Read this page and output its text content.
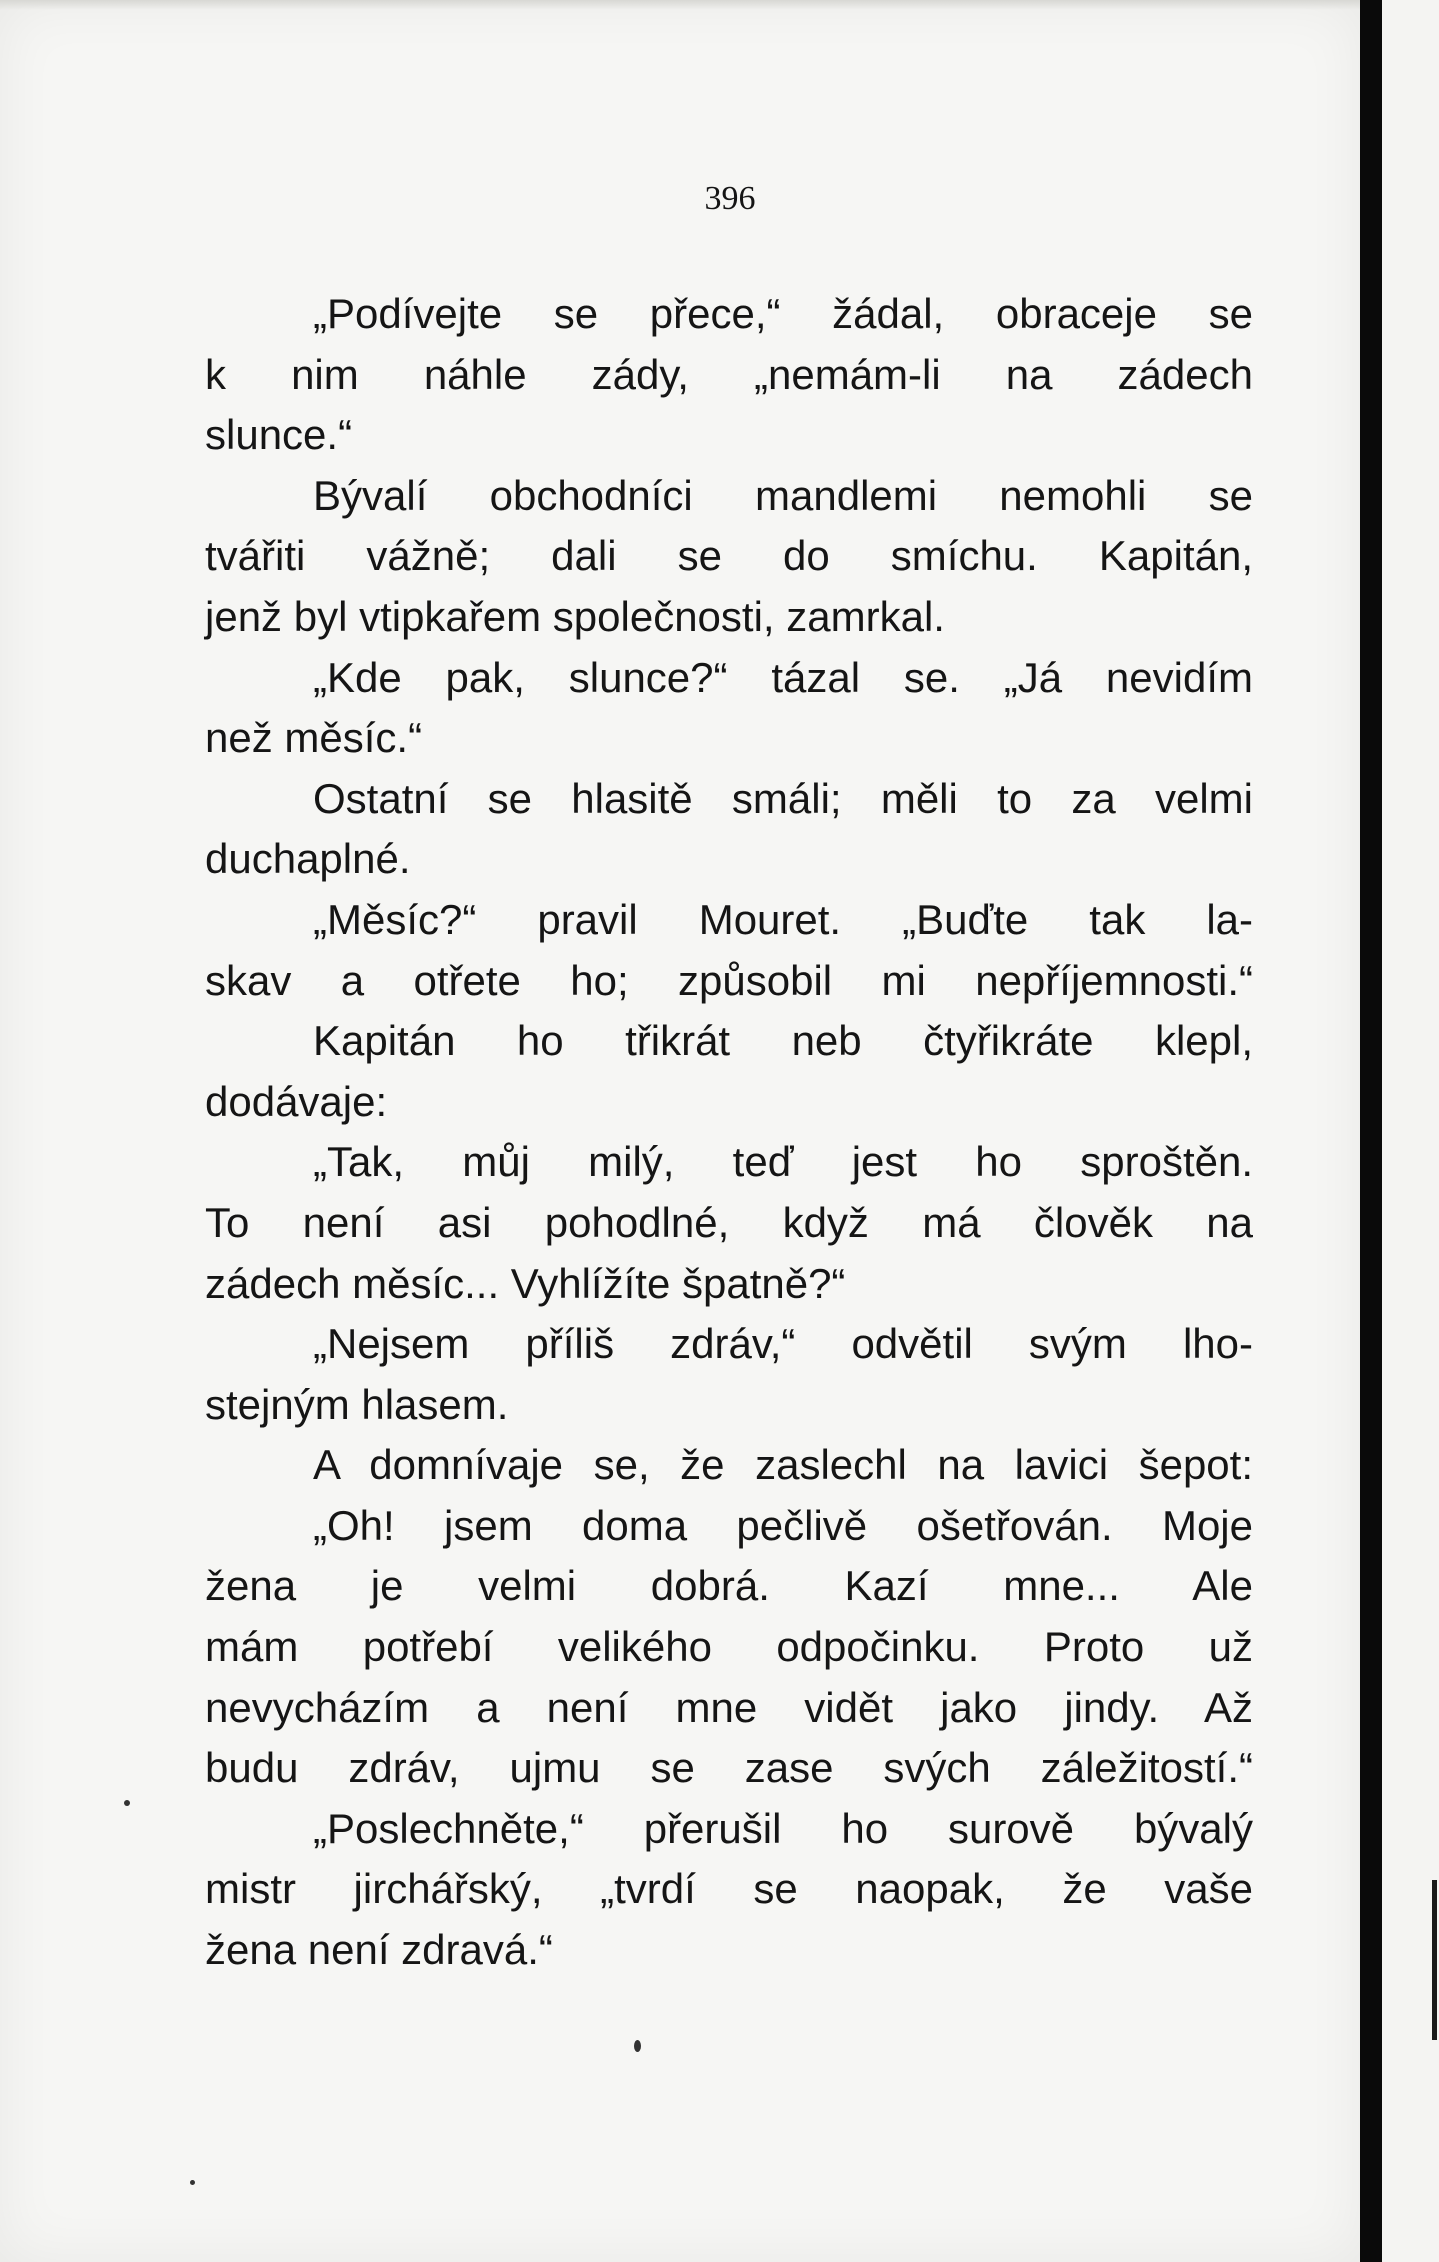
396
„Podívejte se přece,“ žádal, obraceje se
k nim náhle zády, „nemám-li na zádech
slunce.“
Bývalí obchodníci mandlemi nemohli se
tvářiti vážně; dali se do smíchu. Kapitán,
jenž byl vtipkařem společnosti, zamrkal.
„Kde pak, slunce?“ tázal se. „Já nevidím
než měsíc.“
Ostatní se hlasitě smáli; měli to za velmi
duchaplné.
„Měsíc?“ pravil Mouret. „Buďte tak la-
skav a otřete ho; způsobil mi nepříjemnosti.“
Kapitán ho třikrát neb čtyřikráte klepl,
dodávaje:
„Tak, můj milý, teď jest ho sproštěn.
To není asi pohodlné, když má člověk na
zádech měsíc... Vyhlížíte špatně?“
„Nejsem příliš zdráv,“ odvětil svým lho-
stejným hlasem.
A domnívaje se, že zaslechl na lavici šepot:
„Oh! jsem doma pečlivě ošetřován. Moje
žena je velmi dobrá. Kazí mne... Ale
mám potřebí velikého odpočinku. Proto už
nevycházím a není mne vidět jako jindy. Až
budu zdráv, ujmu se zase svých záležitostí.“
„Poslechněte,“ přerušil ho surově bývalý
mistr jirchářský, „tvrdí se naopak, že vaše
žena není zdravá.“
